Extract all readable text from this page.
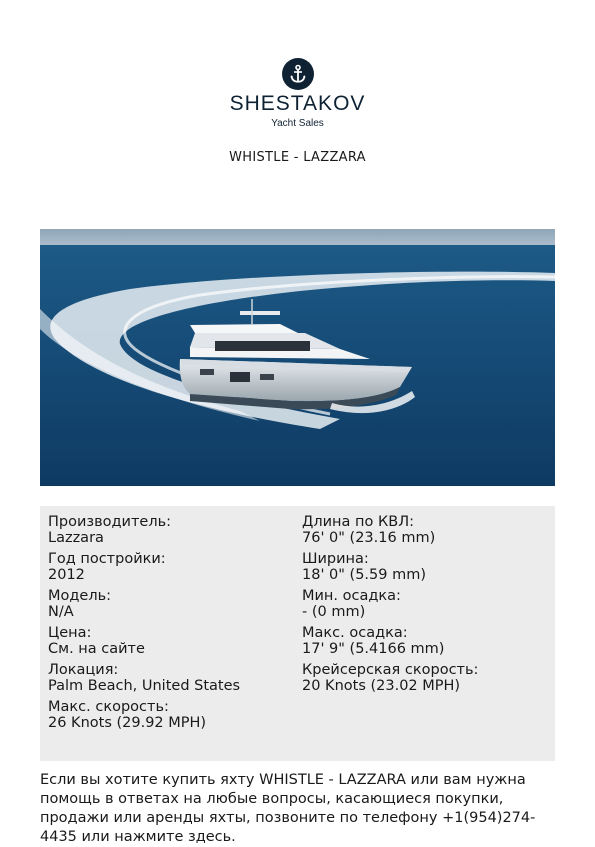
SHESTAKOV
Yacht Sales
WHISTLE - LAZZARA
Производитель:
Lazzara
Год постройки:
2012
Модель:
N/A
Цена:
См. на сайте
Локация:
Palm Beach, United States
Макс. скорость:
26 Knots (29.92 MPH)
Длина по КВЛ:
76' 0" (23.16 mm)
Ширина:
18' 0" (5.59 mm)
Мин. осадка:
- (0 mm)
Макс. осадка:
17' 9" (5.4166 mm)
Крейсерская скорость:
20 Knots (23.02 MPH)
Если вы хотите купить яхту WHISTLE - LAZZARA или вам нужна помощь в ответах на любые вопросы, касающиеся покупки, продажи или аренды яхты, позвоните по телефону +1(954)274-4435 или нажмите здесь.
